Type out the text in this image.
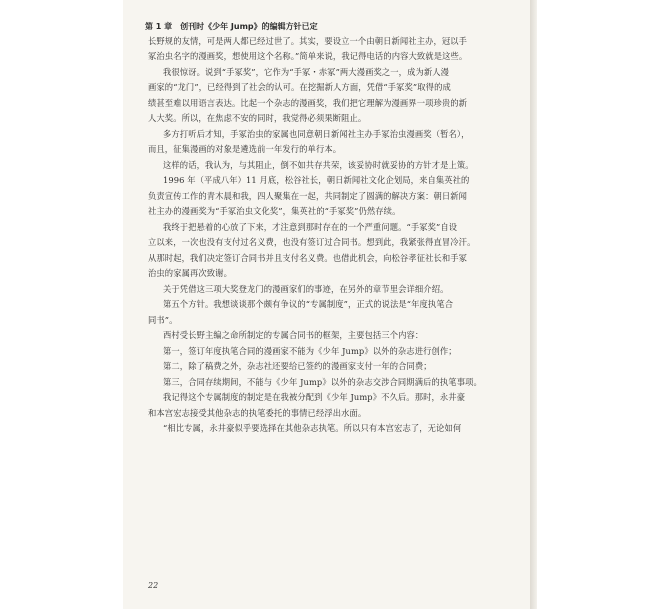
第 1 章　创刊时《少年 Jump》的编辑方针已定
长野规的友情，可是两人都已经过世了。其实，要设立一个由朝日新闻社主办，冠以手
冢治虫名字的漫画奖，想使用这个名称。”简单来说，我记得电话的内容大致就是这些。
我很惊讶。说到“手冢奖”，它作为“手冢・赤冢”两大漫画奖之一，成为新人漫
画家的“龙门”，已经得到了社会的认可。在挖掘新人方面，凭借“手冢奖”取得的成
绩甚至难以用语言表达。比起一个杂志的漫画奖，我们把它理解为漫画界一项珍贵的新
人大奖。所以，在焦虑不安的同时，我觉得必须果断阻止。
多方打听后才知，手冢治虫的家属也同意朝日新闻社主办手冢治虫漫画奖（暂名），
而且，征集漫画的对象是遴选前一年发行的单行本。
这样的话，我认为，与其阻止，倒不如共存共荣，该妥协时就妥协的方针才是上策。
1996 年（平成八年）11 月底，松谷社长，朝日新闻社文化企划局，来自集英社的
负责宣传工作的青木晨和我，四人聚集在一起，共同制定了圆满的解决方案：朝日新闻
社主办的漫画奖为“手冢治虫文化奖”，集英社的“手冢奖”仍然存续。
我终于把悬着的心放了下来，才注意到那时存在的一个严重问题。“手冢奖”自设
立以来，一次也没有支付过名义费，也没有签订过合同书。想到此，我紧张得直冒冷汗。
从那时起，我们决定签订合同书并且支付名义费。也借此机会，向松谷孝征社长和手冢
治虫的家属再次致谢。
关于凭借这三项大奖登龙门的漫画家们的事迹，在另外的章节里会详细介绍。
第五个方针。我想谈谈那个颇有争议的“专属制度”，正式的说法是“年度执笔合
同书”。
西村受长野主编之命所制定的专属合同书的框架，主要包括三个内容：
第一，签订年度执笔合同的漫画家不能为《少年 Jump》以外的杂志进行创作；
第二，除了稿费之外，杂志社还要给已签约的漫画家支付一年的合同费；
第三，合同存续期间，不能与《少年 Jump》以外的杂志交涉合同期满后的执笔事项。
我记得这个专属制度的制定是在我被分配到《少年 Jump》不久后。那时，永井豪
和本宫宏志接受其他杂志的执笔委托的事情已经浮出水面。
“相比专属，永井豪似乎要选择在其他杂志执笔。所以只有本宫宏志了，无论如何
22
